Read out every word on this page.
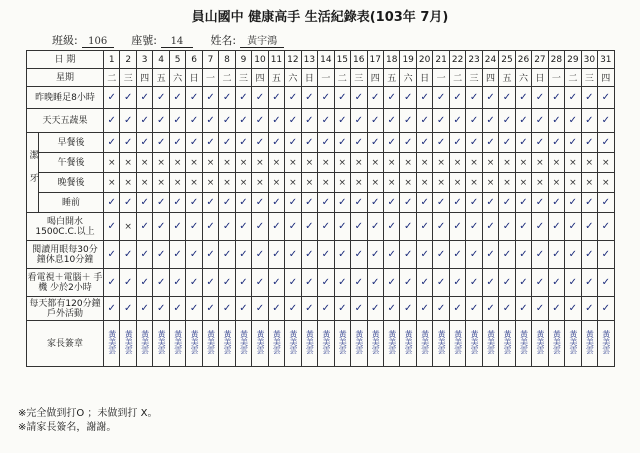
員山國中 健康高手 生活紀錄表(103年 7月)
班級: 106 座號: 14 姓名: 黃宇鴻
日 期		1	2	3	4	5	6	7	8	9	10	11	12	13	14	15	16	17	18	19	20	21	22	23	24	25	26	27	28	29	30	31
星期		二	三	四	五	六	日	一	二	三	四	五	六	日	一	二	三	四	五	六	日	一	二	三	四	五	六	日	一	二	三	四
昨晚睡足8小時		✓	✓	✓	✓	✓	✓	✓	✓	✓	✓	✓	✓	✓	✓	✓	✓	✓	✓	✓	✓	✓	✓	✓	✓	✓	✓	✓	✓	✓	✓	✓
天天五蔬果		✓	✓	✓	✓	✓	✓	✓	✓	✓	✓	✓	✓	✓	✓	✓	✓	✓	✓	✓	✓	✓	✓	✓	✓	✓	✓	✓	✓	✓	✓	✓
潔牙	早餐後	✓	✓	✓	✓	✓	✓	✓	✓	✓	✓	✓	✓	✓	✓	✓	✓	✓	✓	✓	✓	✓	✓	✓	✓	✓	✓	✓	✓	✓	✓	✓
	午餐後	×	×	×	×	×	×	×	×	×	×	×	×	×	×	×	×	×	×	×	×	×	×	×	×	×	×	×	×	×	×	×
	晚餐後	×	×	×	×	×	×	×	×	×	×	×	×	×	×	×	×	×	×	×	×	×	×	×	×	×	×	×	×	×	×	×
	睡前	✓	✓	✓	✓	✓	✓	✓	✓	✓	✓	✓	✓	✓	✓	✓	✓	✓	✓	✓	✓	✓	✓	✓	✓	✓	✓	✓	✓	✓	✓	✓
喝白開水 1500C.C.以上		✓	×	✓	✓	✓	✓	✓	✓	✓	✓	✓	✓	✓	✓	✓	✓	✓	✓	✓	✓	✓	✓	✓	✓	✓	✓	✓	✓	✓	✓	✓
閱讀用眼每30分 鐘休息10分鐘		✓	✓	✓	✓	✓	✓	✓	✓	✓	✓	✓	✓	✓	✓	✓	✓	✓	✓	✓	✓	✓	✓	✓	✓	✓	✓	✓	✓	✓	✓	✓
看電視＋電腦＋ 手機 少於2小時		✓	✓	✓	✓	✓	✓	✓	✓	✓	✓	✓	✓	✓	✓	✓	✓	✓	✓	✓	✓	✓	✓	✓	✓	✓	✓	✓	✓	✓	✓	✓
每天都有120分鐘 戶外活動		✓	✓	✓	✓	✓	✓	✓	✓	✓	✓	✓	✓	✓	✓	✓	✓	✓	✓	✓	✓	✓	✓	✓	✓	✓	✓	✓	✓	✓	✓	✓
家長簽章		黃美雲	黃美雲	黃美雲	黃美雲	黃美雲	黃美雲	黃美雲	黃美雲	黃美雲	黃美雲	黃美雲	黃美雲	黃美雲	黃美雲	黃美雲	黃美雲	黃美雲	黃美雲	黃美雲	黃美雲	黃美雲	黃美雲	黃美雲	黃美雲	黃美雲	黃美雲	黃美雲	黃美雲	黃美雲	黃美雲	黃美雲
※完全做到打O ；未做到打 X。
※請家長簽名，謝謝。
